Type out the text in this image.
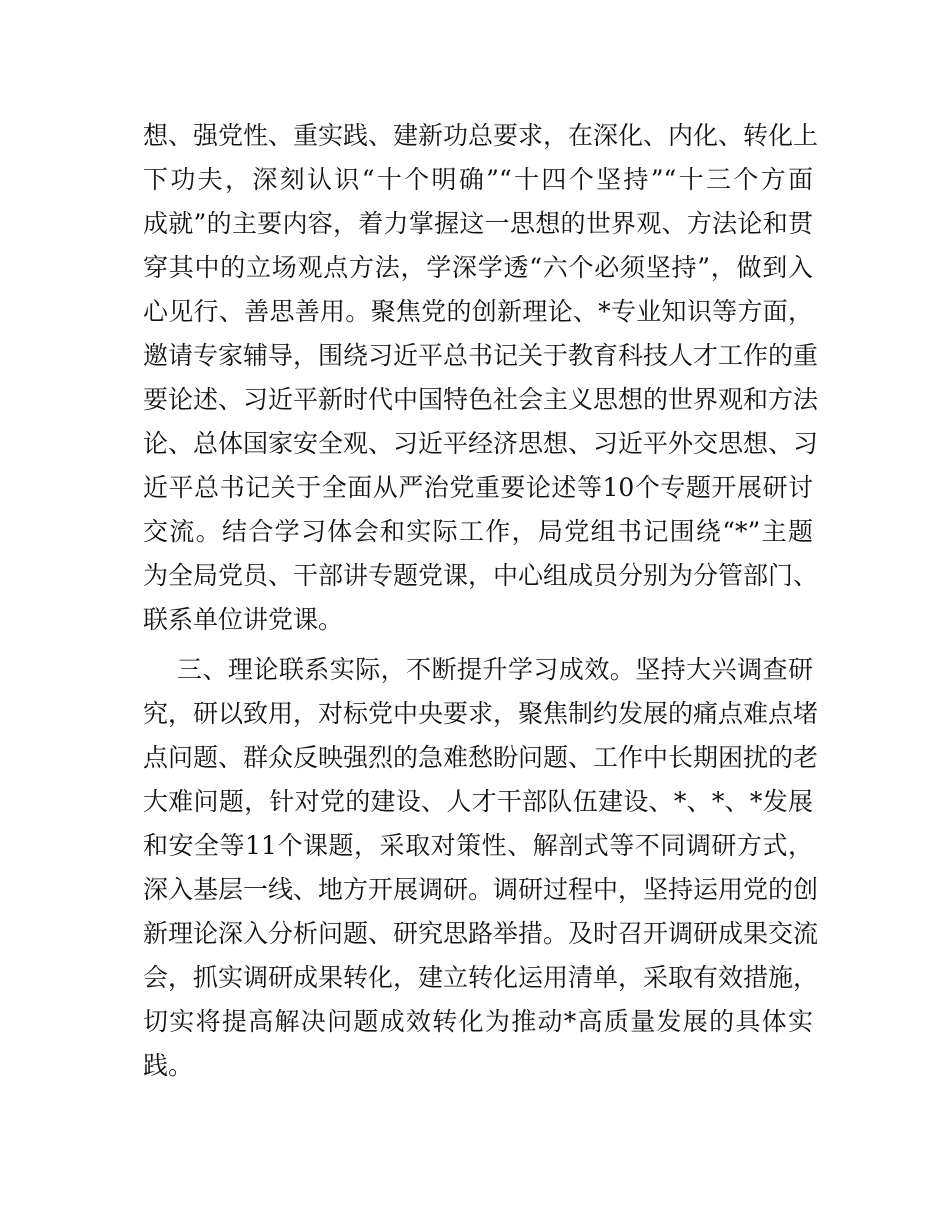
想、强党性、重实践、建新功总要求，在深化、内化、转化上
下功夫，深刻认识“十个明确”“十四个坚持”“十三个方面
成就”的主要内容，着力掌握这一思想的世界观、方法论和贯
穿其中的立场观点方法，学深学透“六个必须坚持”，做到入
心见行、善思善用。聚焦党的创新理论、*专业知识等方面，
邀请专家辅导，围绕习近平总书记关于教育科技人才工作的重
要论述、习近平新时代中国特色社会主义思想的世界观和方法
论、总体国家安全观、习近平经济思想、习近平外交思想、习
近平总书记关于全面从严治党重要论述等10个专题开展研讨
交流。结合学习体会和实际工作，局党组书记围绕“*”主题
为全局党员、干部讲专题党课，中心组成员分别为分管部门、
联系单位讲党课。
三、理论联系实际，不断提升学习成效。坚持大兴调查研
究，研以致用，对标党中央要求，聚焦制约发展的痛点难点堵
点问题、群众反映强烈的急难愁盼问题、工作中长期困扰的老
大难问题，针对党的建设、人才干部队伍建设、*、*、*发展
和安全等11个课题，采取对策性、解剖式等不同调研方式，
深入基层一线、地方开展调研。调研过程中，坚持运用党的创
新理论深入分析问题、研究思路举措。及时召开调研成果交流
会，抓实调研成果转化，建立转化运用清单，采取有效措施，
切实将提高解决问题成效转化为推动*高质量发展的具体实
践。
